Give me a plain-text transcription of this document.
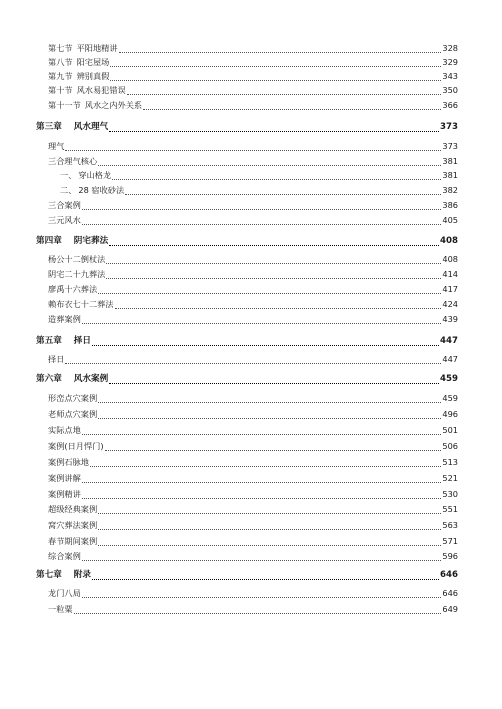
第七节 平阳地精讲	328
第八节 阳宅屋场	329
第九节 辨别真假	343
第十节 风水易犯错误	350
第十一节 风水之内外关系	366
第三章 风水理气	373
理气	373
三合理气核心	381
一、 穿山格龙	381
二、 28 宿收砂法	382
三合案例	386
三元风水	405
第四章 阴宅葬法	408
杨公十二倒杖法	408
阴宅二十九葬法	414
廖禹十六葬法	417
赖布衣七十二葬法	424
造葬案例	439
第五章 择日	447
择日	447
第六章 风水案例	459
形峦点穴案例	459
老师点穴案例	496
实际点地	501
案例(日月悍门)	506
案例石脉地	513
案例讲解	521
案例精讲	530
超级经典案例	551
窝穴葬法案例	563
春节期间案例	571
综合案例	596
第七章 附录	646
龙门八局	646
一粒粟	649
